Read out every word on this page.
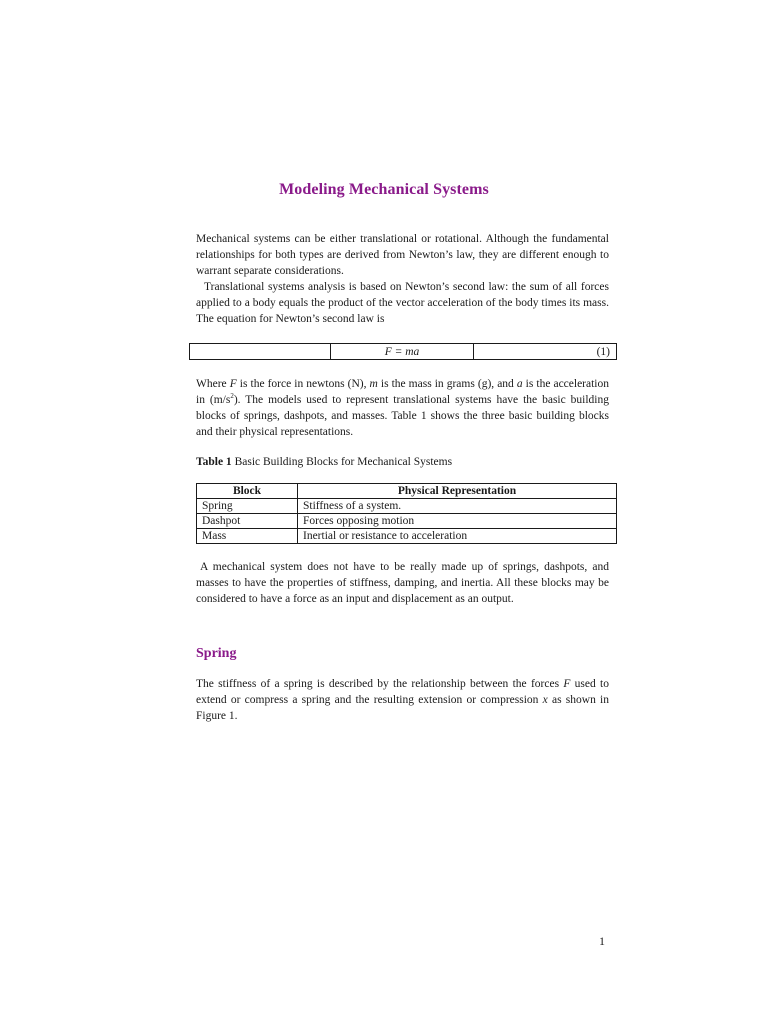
Modeling Mechanical Systems

Mechanical systems can be either translational or rotational. Although the fundamental relationships for both types are derived from Newton’s law, they are different enough to warrant separate considerations.

Translational systems analysis is based on Newton’s second law: the sum of all forces applied to a body equals the product of the vector acceleration of the body times its mass. The equation for Newton’s second law is

	F = ma	(1)

Where F is the force in newtons (N), m is the mass in grams (g), and a is the acceleration in $(m/s^2)$. The models used to represent translational systems have the basic building blocks of springs, dashpots, and masses. Table 1 shows the three basic building blocks and their physical representations.

Table 1 Basic Building Blocks for Mechanical Systems
Block	Physical Representation
Spring	Stiffness of a system.
Dashpot	Forces opposing motion
Mass	Inertial or resistance to acceleration

A mechanical system does not have to be really made up of springs, dashpots, and masses to have the properties of stiffness, damping, and inertia. All these blocks may be considered to have a force as an input and displacement as an output.

Spring

The stiffness of a spring is described by the relationship between the forces F used to extend or compress a spring and the resulting extension or compression x as shown in Figure 1.

1
